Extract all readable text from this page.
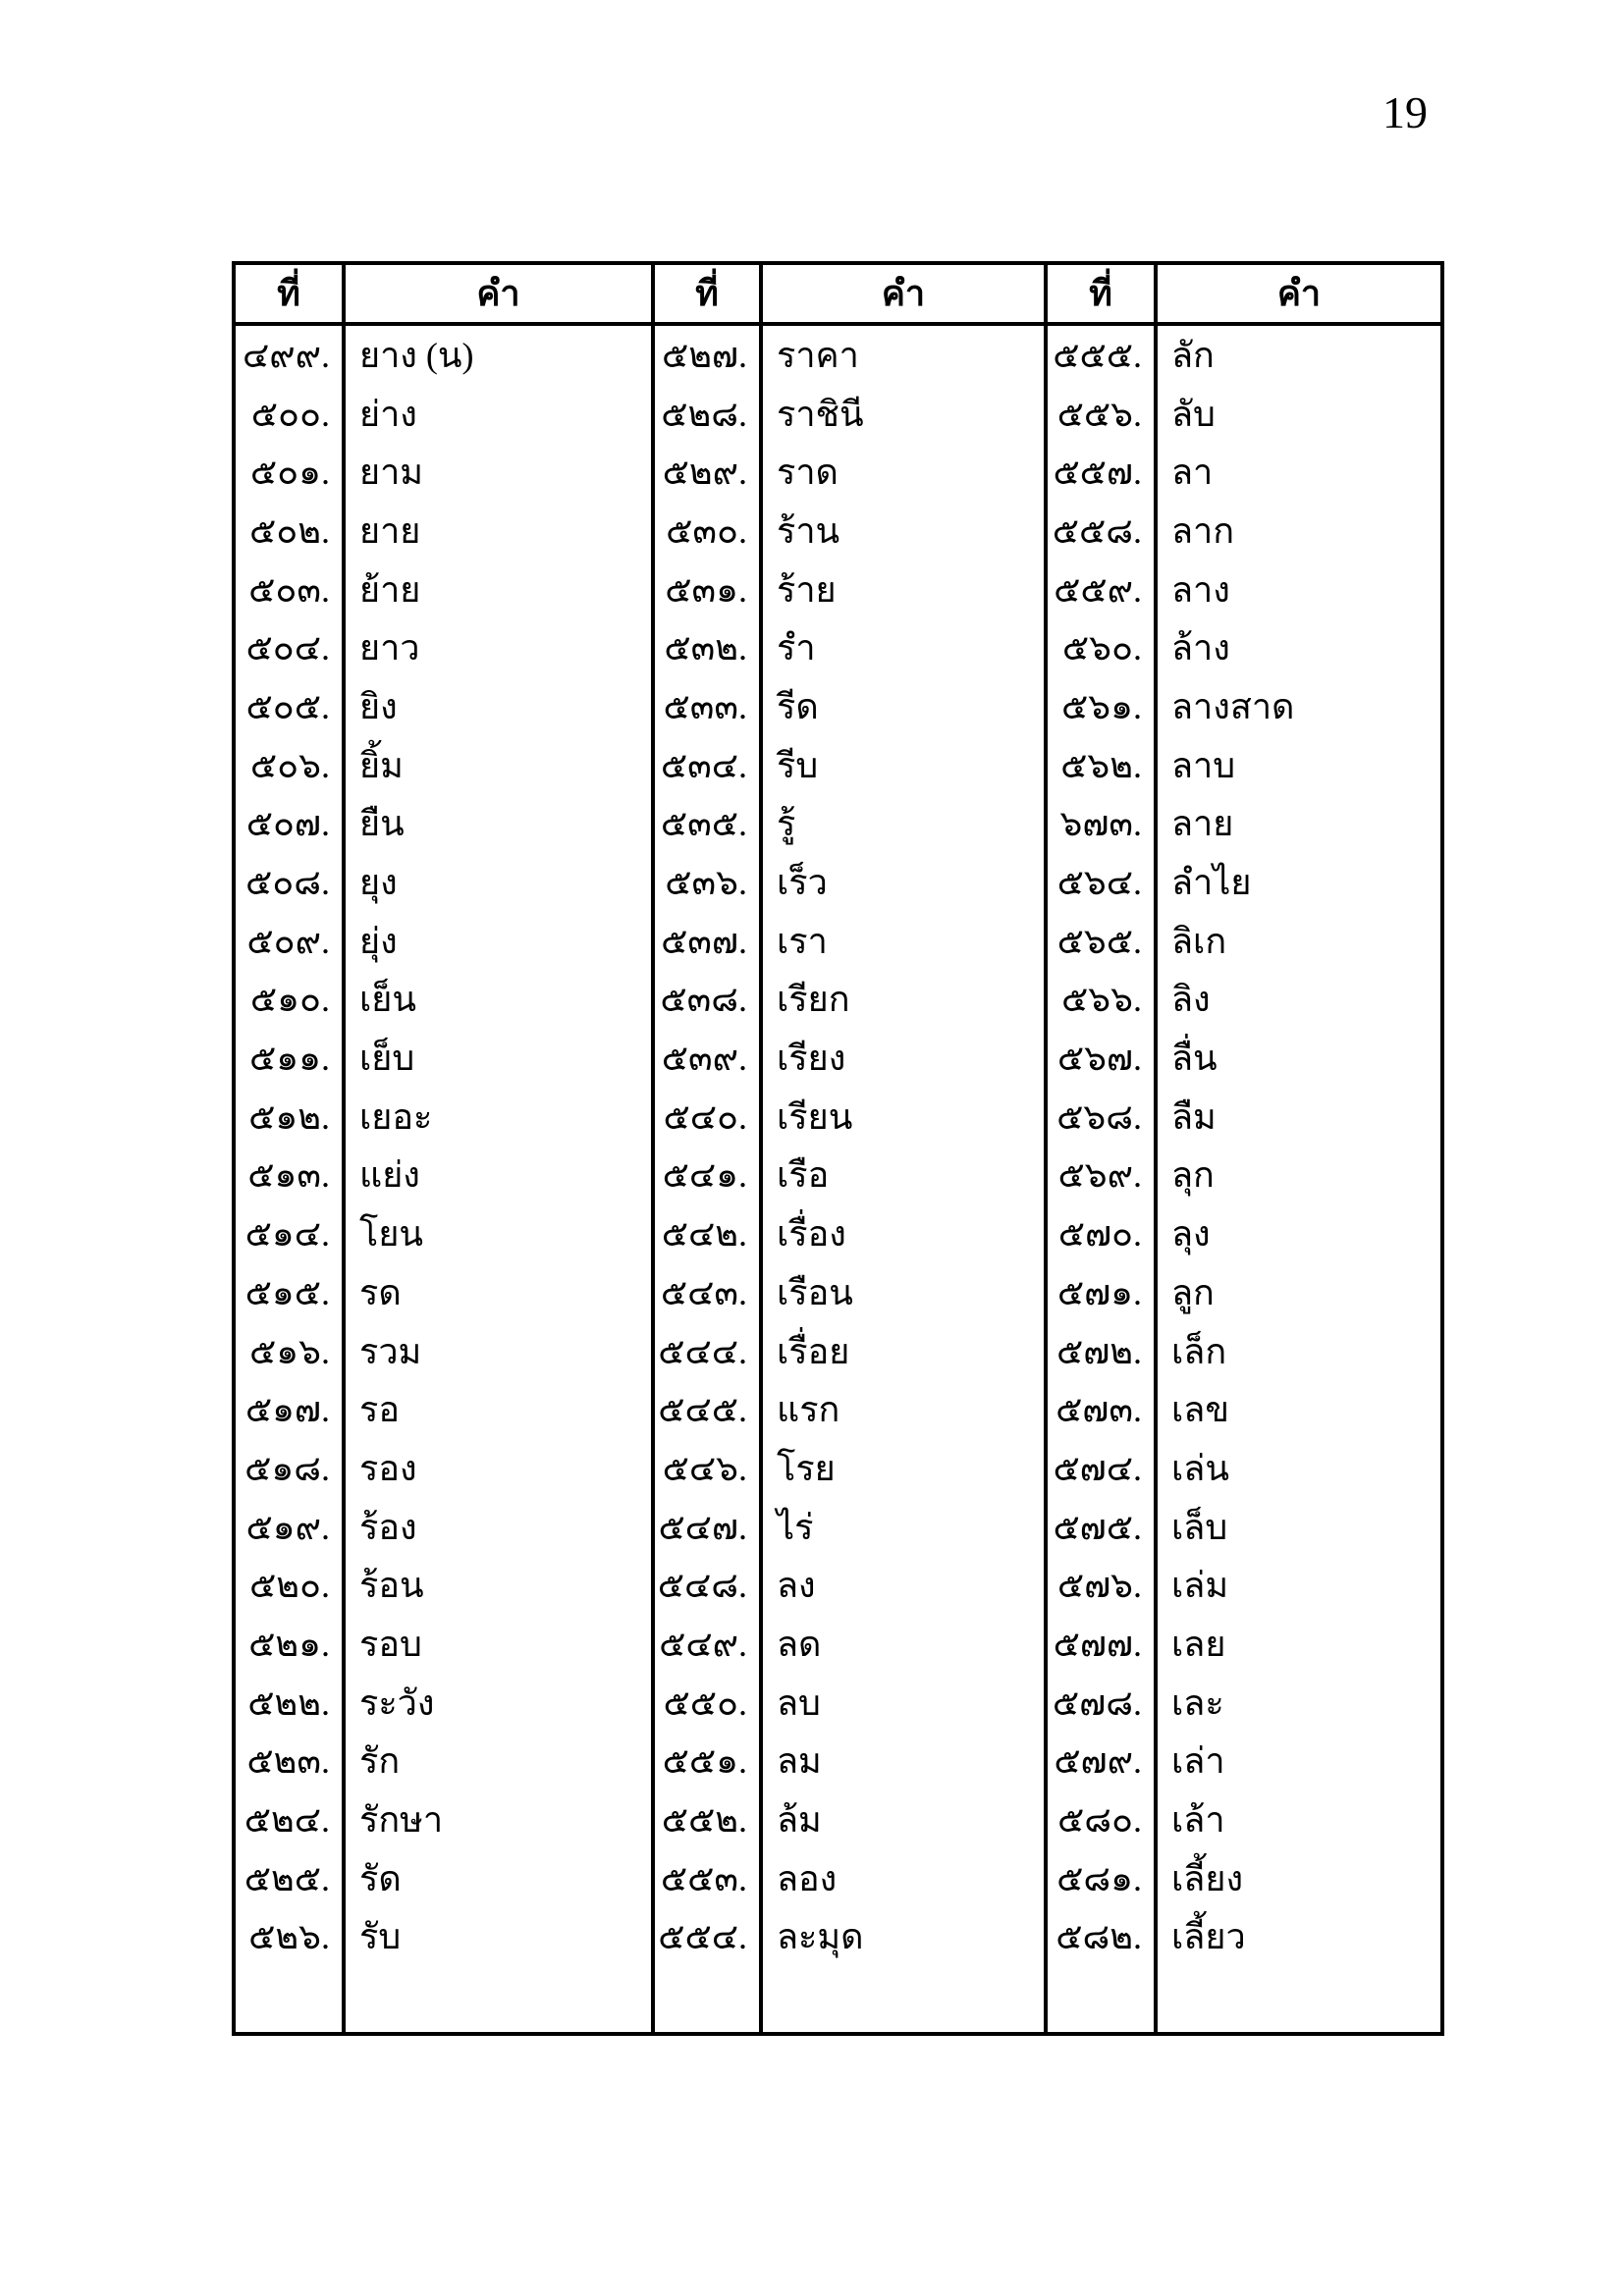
19
ที่	คำ	ที่	คำ	ที่	คำ
๔๙๙. ยาง (น)	๕๒๗. ราคา	๕๕๕. ลัก
๕๐๐. ย่าง	๕๒๘. ราชินี	๕๕๖. ลับ
๕๐๑. ยาม	๕๒๙. ราด	๕๕๗. ลา
๕๐๒. ยาย	๕๓๐. ร้าน	๕๕๘. ลาก
๕๐๓. ย้าย	๕๓๑. ร้าย	๕๕๙. ลาง
๕๐๔. ยาว	๕๓๒. รำ	๕๖๐. ล้าง
๕๐๕. ยิง	๕๓๓. รีด	๕๖๑. ลางสาด
๕๐๖. ยิ้ม	๕๓๔. รีบ	๕๖๒. ลาบ
๕๐๗. ยืน	๕๓๕. รู้	๖๗๓. ลาย
๕๐๘. ยุง	๕๓๖. เร็ว	๕๖๔. ลำไย
๕๐๙. ยุ่ง	๕๓๗. เรา	๕๖๕. ลิเก
๕๑๐. เย็น	๕๓๘. เรียก	๕๖๖. ลิง
๕๑๑. เย็บ	๕๓๙. เรียง	๕๖๗. ลื่น
๕๑๒. เยอะ	๕๔๐. เรียน	๕๖๘. ลืม
๕๑๓. แย่ง	๕๔๑. เรือ	๕๖๙. ลุก
๕๑๔. โยน	๕๔๒. เรื่อง	๕๗๐. ลุง
๕๑๕. รด	๕๔๓. เรือน	๕๗๑. ลูก
๕๑๖. รวม	๕๔๔. เรื่อย	๕๗๒. เล็ก
๕๑๗. รอ	๕๔๕. แรก	๕๗๓. เลข
๕๑๘. รอง	๕๔๖. โรย	๕๗๔. เล่น
๕๑๙. ร้อง	๕๔๗. ไร่	๕๗๕. เล็บ
๕๒๐. ร้อน	๕๔๘. ลง	๕๗๖. เล่ม
๕๒๑. รอบ	๕๔๙. ลด	๕๗๗. เลย
๕๒๒. ระวัง	๕๕๐. ลบ	๕๗๘. เละ
๕๒๓. รัก	๕๕๑. ลม	๕๗๙. เล่า
๕๒๔. รักษา	๕๕๒. ล้ม	๕๘๐. เล้า
๕๒๕. รัด	๕๕๓. ลอง	๕๘๑. เลี้ยง
๕๒๖. รับ	๕๕๔. ละมุด	๕๘๒. เลี้ยว
